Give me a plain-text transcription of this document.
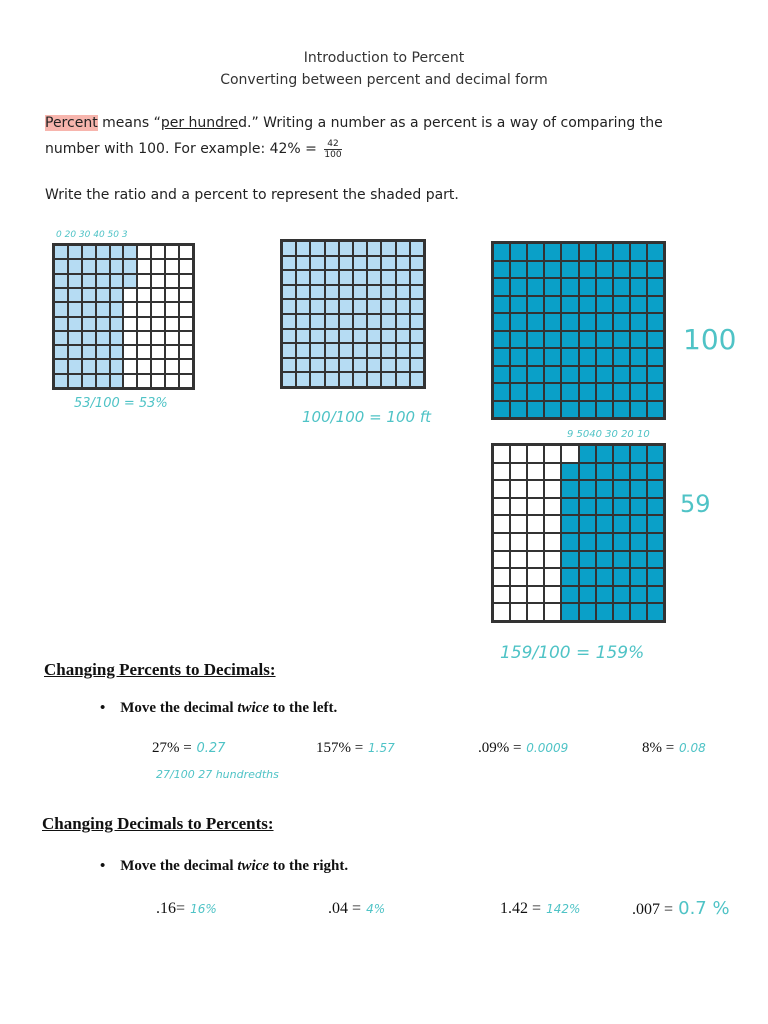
Introduction to Percent
Converting between percent and decimal form
Percent means “per hundred.” Writing a number as a percent is a way of comparing the
number with 100. For example: $42\% = \frac{42}{100}$
Write the ratio and a percent to represent the shaded part.
0 20 30 40 50 3
53/100 = 53%
100/100 = 100 ft
100
9 5040 30 20 10
59
159/100 = 159%
Changing Percents to Decimals:
• Move the decimal twice to the left.
27% = 0.27	157% = 1.57	.09% = 0.0009	8% = 0.08
27/100 27 hundredths
Changing Decimals to Percents:
• Move the decimal twice to the right.
.16= 16%	.04 = 4%	1.42 = 142%	.007 = 0.7 %
